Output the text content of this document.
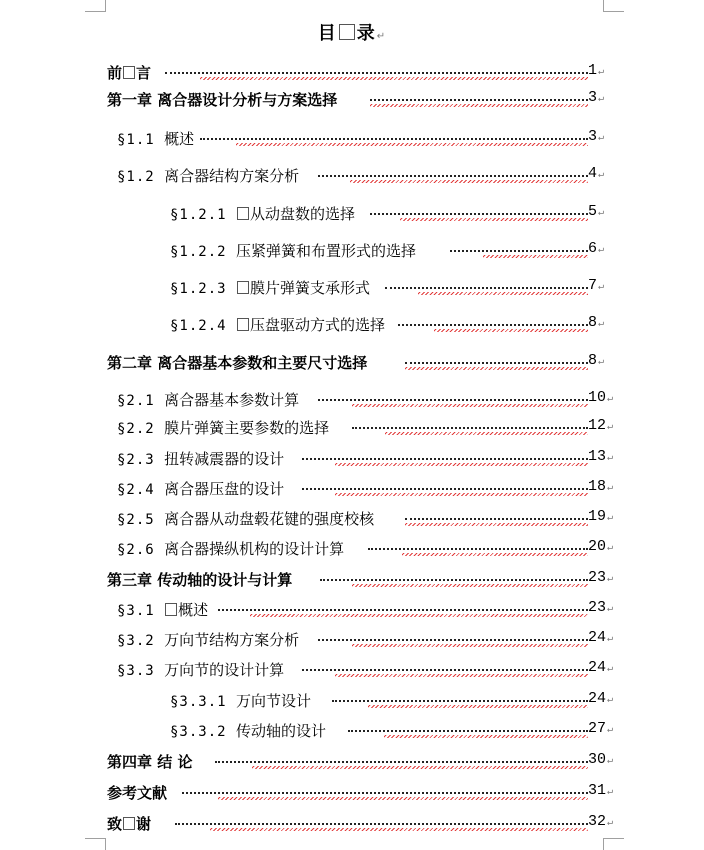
目 录↵
前 言	1↵
第一章 离合器设计分析与方案选择	3↵
§1.1 概述	3↵
§1.2 离合器结构方案分析	4↵
§1.2.1 从动盘数的选择	5↵
§1.2.2 压紧弹簧和布置形式的选择	6↵
§1.2.3 膜片弹簧支承形式	7↵
§1.2.4 压盘驱动方式的选择	8↵
第二章 离合器基本参数和主要尺寸选择	8↵
§2.1 离合器基本参数计算	10↵
§2.2 膜片弹簧主要参数的选择	12↵
§2.3 扭转减震器的设计	13↵
§2.4 离合器压盘的设计	18↵
§2.5 离合器从动盘毂花键的强度校核	19↵
§2.6 离合器操纵机构的设计计算	20↵
第三章 传动轴的设计与计算	23↵
§3.1 概述	23↵
§3.2 万向节结构方案分析	24↵
§3.3 万向节的设计计算	24↵
§3.3.1 万向节设计	24↵
§3.3.2 传动轴的设计	27↵
第四章 结 论	30↵
参考文献	31↵
致 谢	32↵
